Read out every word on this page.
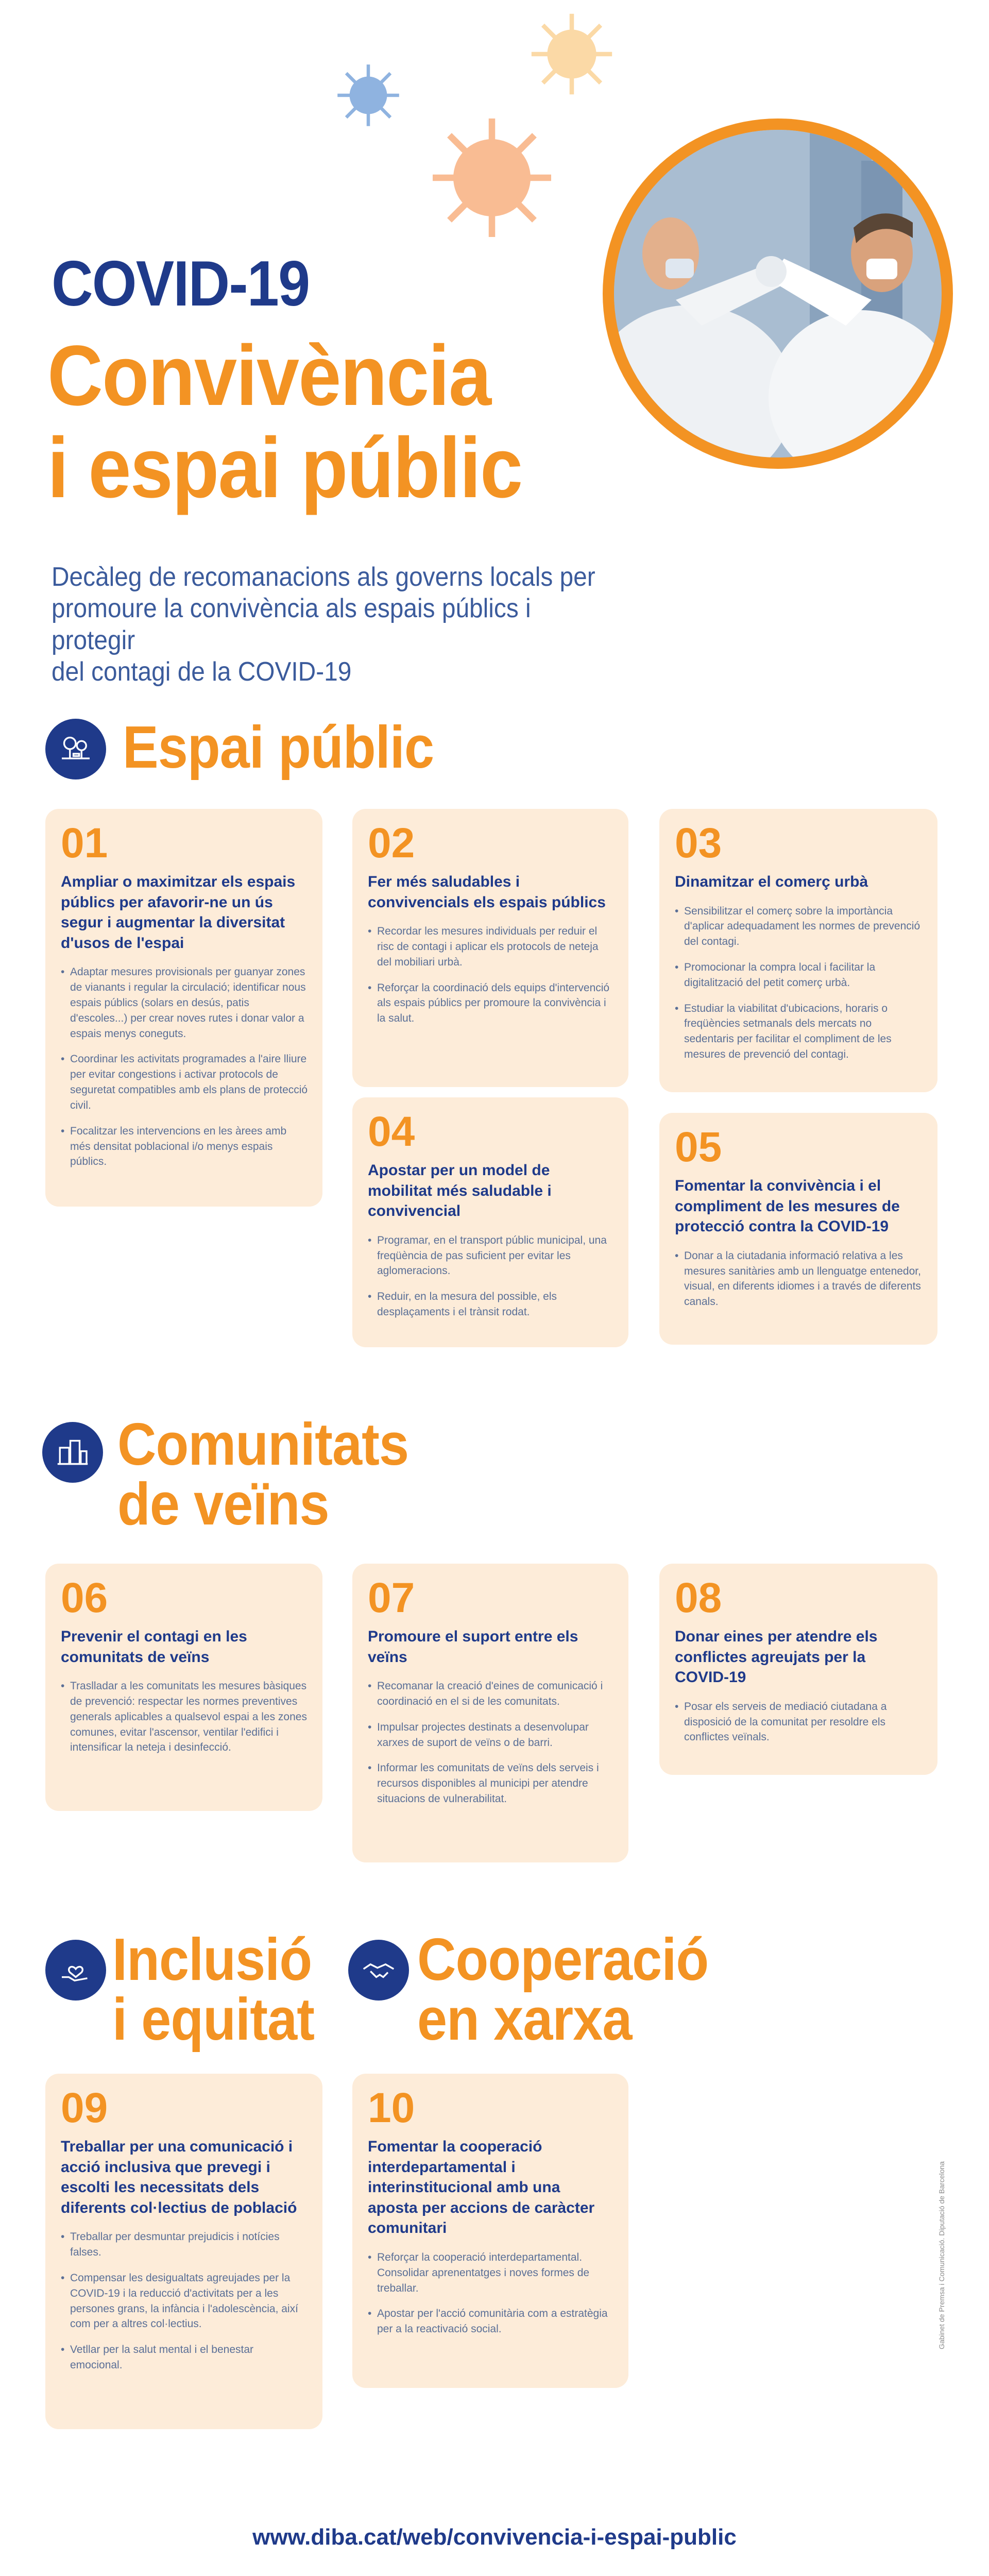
COVID-19
Convivència
i espai públic
Decàleg de recomanacions als governs locals per
promoure la convivència als espais públics i protegir
del contagi de la COVID-19
Espai públic
01
Ampliar o maximitzar els espais públics per afavorir-ne un ús segur i augmentar la diversitat d'usos de l'espai
• Adaptar mesures provisionals per guanyar zones de vianants i regular la circulació; identificar nous espais públics (solars en desús, patis d'escoles...) per crear noves rutes i donar valor a espais menys coneguts.
• Coordinar les activitats programades a l'aire lliure per evitar congestions i activar protocols de seguretat compatibles amb els plans de protecció civil.
• Focalitzar les intervencions en les àrees amb més densitat poblacional i/o menys espais públics.
02
Fer més saludables i convivencials els espais públics
• Recordar les mesures individuals per reduir el risc de contagi i aplicar els protocols de neteja del mobiliari urbà.
• Reforçar la coordinació dels equips d'intervenció als espais públics per promoure la convivència i la salut.
03
Dinamitzar el comerç urbà
• Sensibilitzar el comerç sobre la importància d'aplicar adequadament les normes de prevenció del contagi.
• Promocionar la compra local i facilitar la digitalització del petit comerç urbà.
• Estudiar la viabilitat d'ubicacions, horaris o freqüències setmanals dels mercats no sedentaris per facilitar el compliment de les mesures de prevenció del contagi.
04
Apostar per un model de mobilitat més saludable i convivencial
• Programar, en el transport públic municipal, una freqüència de pas suficient per evitar les aglomeracions.
• Reduir, en la mesura del possible, els desplaçaments i el trànsit rodat.
05
Fomentar la convivència i el compliment de les mesures de protecció contra la COVID-19
• Donar a la ciutadania informació relativa a les mesures sanitàries amb un llenguatge entenedor, visual, en diferents idiomes i a través de diferents canals.
Comunitats
de veïns
06
Prevenir el contagi en les comunitats de veïns
• Traslladar a les comunitats les mesures bàsiques de prevenció: respectar les normes preventives generals aplicables a qualsevol espai a les zones comunes, evitar l'ascensor, ventilar l'edifici i intensificar la neteja i desinfecció.
07
Promoure el suport entre els veïns
• Recomanar la creació d'eines de comunicació i coordinació en el si de les comunitats.
• Impulsar projectes destinats a desenvolupar xarxes de suport de veïns o de barri.
• Informar les comunitats de veïns dels serveis i recursos disponibles al municipi per atendre situacions de vulnerabilitat.
08
Donar eines per atendre els conflictes agreujats per la COVID-19
• Posar els serveis de mediació ciutadana a disposició de la comunitat per resoldre els conflictes veïnals.
Inclusió
i equitat
Cooperació
en xarxa
09
Treballar per una comunicació i acció inclusiva que prevegi i escolti les necessitats dels diferents col·lectius de població
• Treballar per desmuntar prejudicis i notícies falses.
• Compensar les desigualtats agreujades per la COVID-19 i la reducció d'activitats per a les persones grans, la infància i l'adolescència, així com per a altres col·lectius.
• Vetllar per la salut mental i el benestar emocional.
10
Fomentar la cooperació interdepartamental i interinstitucional amb una aposta per accions de caràcter comunitari
• Reforçar la cooperació interdepartamental. Consolidar aprenentatges i noves formes de treballar.
• Apostar per l'acció comunitària com a estratègia per a la reactivació social.	Gabinet de Premsa i Comunicació. Diputació de Barcelona
www.diba.cat/web/convivencia-i-espai-public
